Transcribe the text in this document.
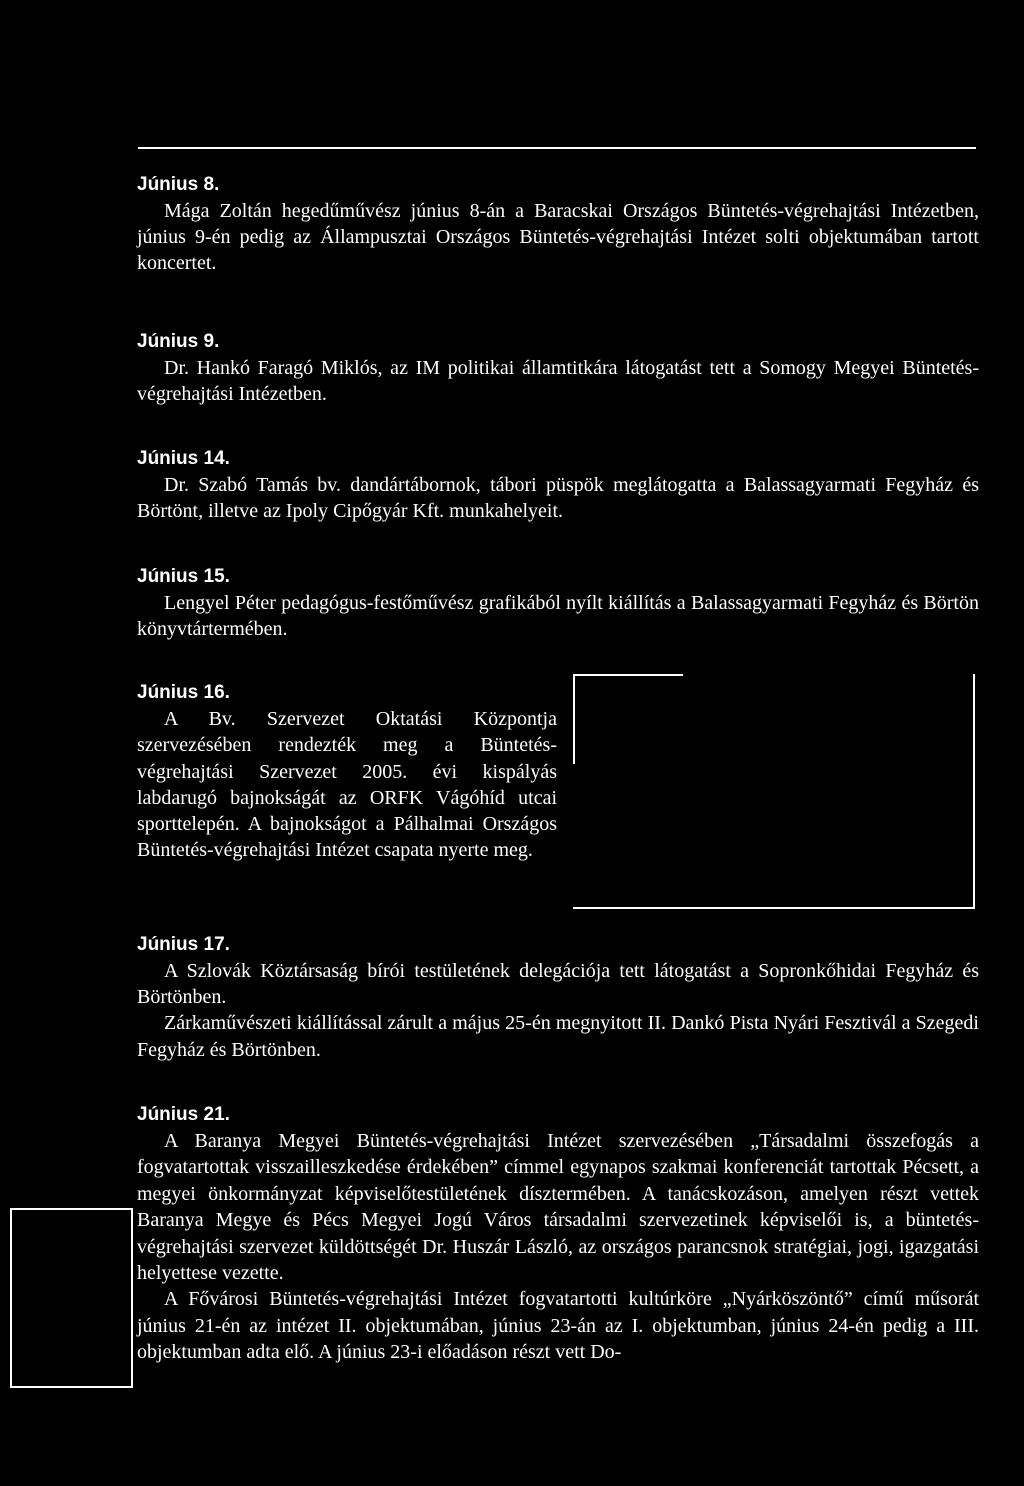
Június 8.

Mága Zoltán hegedűművész június 8-án a Baracskai Országos Büntetés-végrehajtási Intézetben, június 9-én pedig az Állampusztai Országos Büntetés-végrehajtási Intézet solti objektumában tartott koncertet.

Június 9.

Dr. Hankó Faragó Miklós, az IM politikai államtitkára látogatást tett a Somogy Megyei Büntetés-végrehajtási Intézetben.

Június 14.

Dr. Szabó Tamás bv. dandártábornok, tábori püspök meglátogatta a Balassagyarmati Fegyház és Börtönt, illetve az Ipoly Cipőgyár Kft. munkahelyeit.

Június 15.

Lengyel Péter pedagógus-festőművész grafikából nyílt kiállítás a Balassagyarmati Fegyház és Börtön könyvtártermében.

Június 16.

A Bv. Szervezet Oktatási Központja szervezésében rendezték meg a Büntetés-végrehajtási Szervezet 2005. évi kispályás labdarugó bajnokságát az ORFK Vágóhíd utcai sporttelepén. A bajnokságot a Pálhalmai Országos Büntetés-végrehajtási Intézet csapata nyerte meg.

Június 17.

A Szlovák Köztársaság bírói testületének delegációja tett látogatást a Sopronkőhidai Fegyház és Börtönben.

Zárkaművészeti kiállítással zárult a május 25-én megnyitott II. Dankó Pista Nyári Fesztivál a Szegedi Fegyház és Börtönben.

Június 21.

A Baranya Megyei Büntetés-végrehajtási Intézet szervezésében „Társadalmi összefogás a fogvatartottak visszailleszkedése érdekében” címmel egynapos szakmai konferenciát tartottak Pécsett, a megyei önkormányzat képviselőtestületének dísztermében. A tanácskozáson, amelyen részt vettek Baranya Megye és Pécs Megyei Jogú Város társadalmi szervezetinek képviselői is, a büntetés-végrehajtási szervezet küldöttségét Dr. Huszár László, az országos parancsnok stratégiai, jogi, igazgatási helyettese vezette.

A Fővárosi Büntetés-végrehajtási Intézet fogvatartotti kultúrköre „Nyárköszöntő” című műsorát június 21-én az intézet II. objektumában, június 23-án az I. objektumban, június 24-én pedig a III. objektumban adta elő. A június 23-i előadáson részt vett Do-
